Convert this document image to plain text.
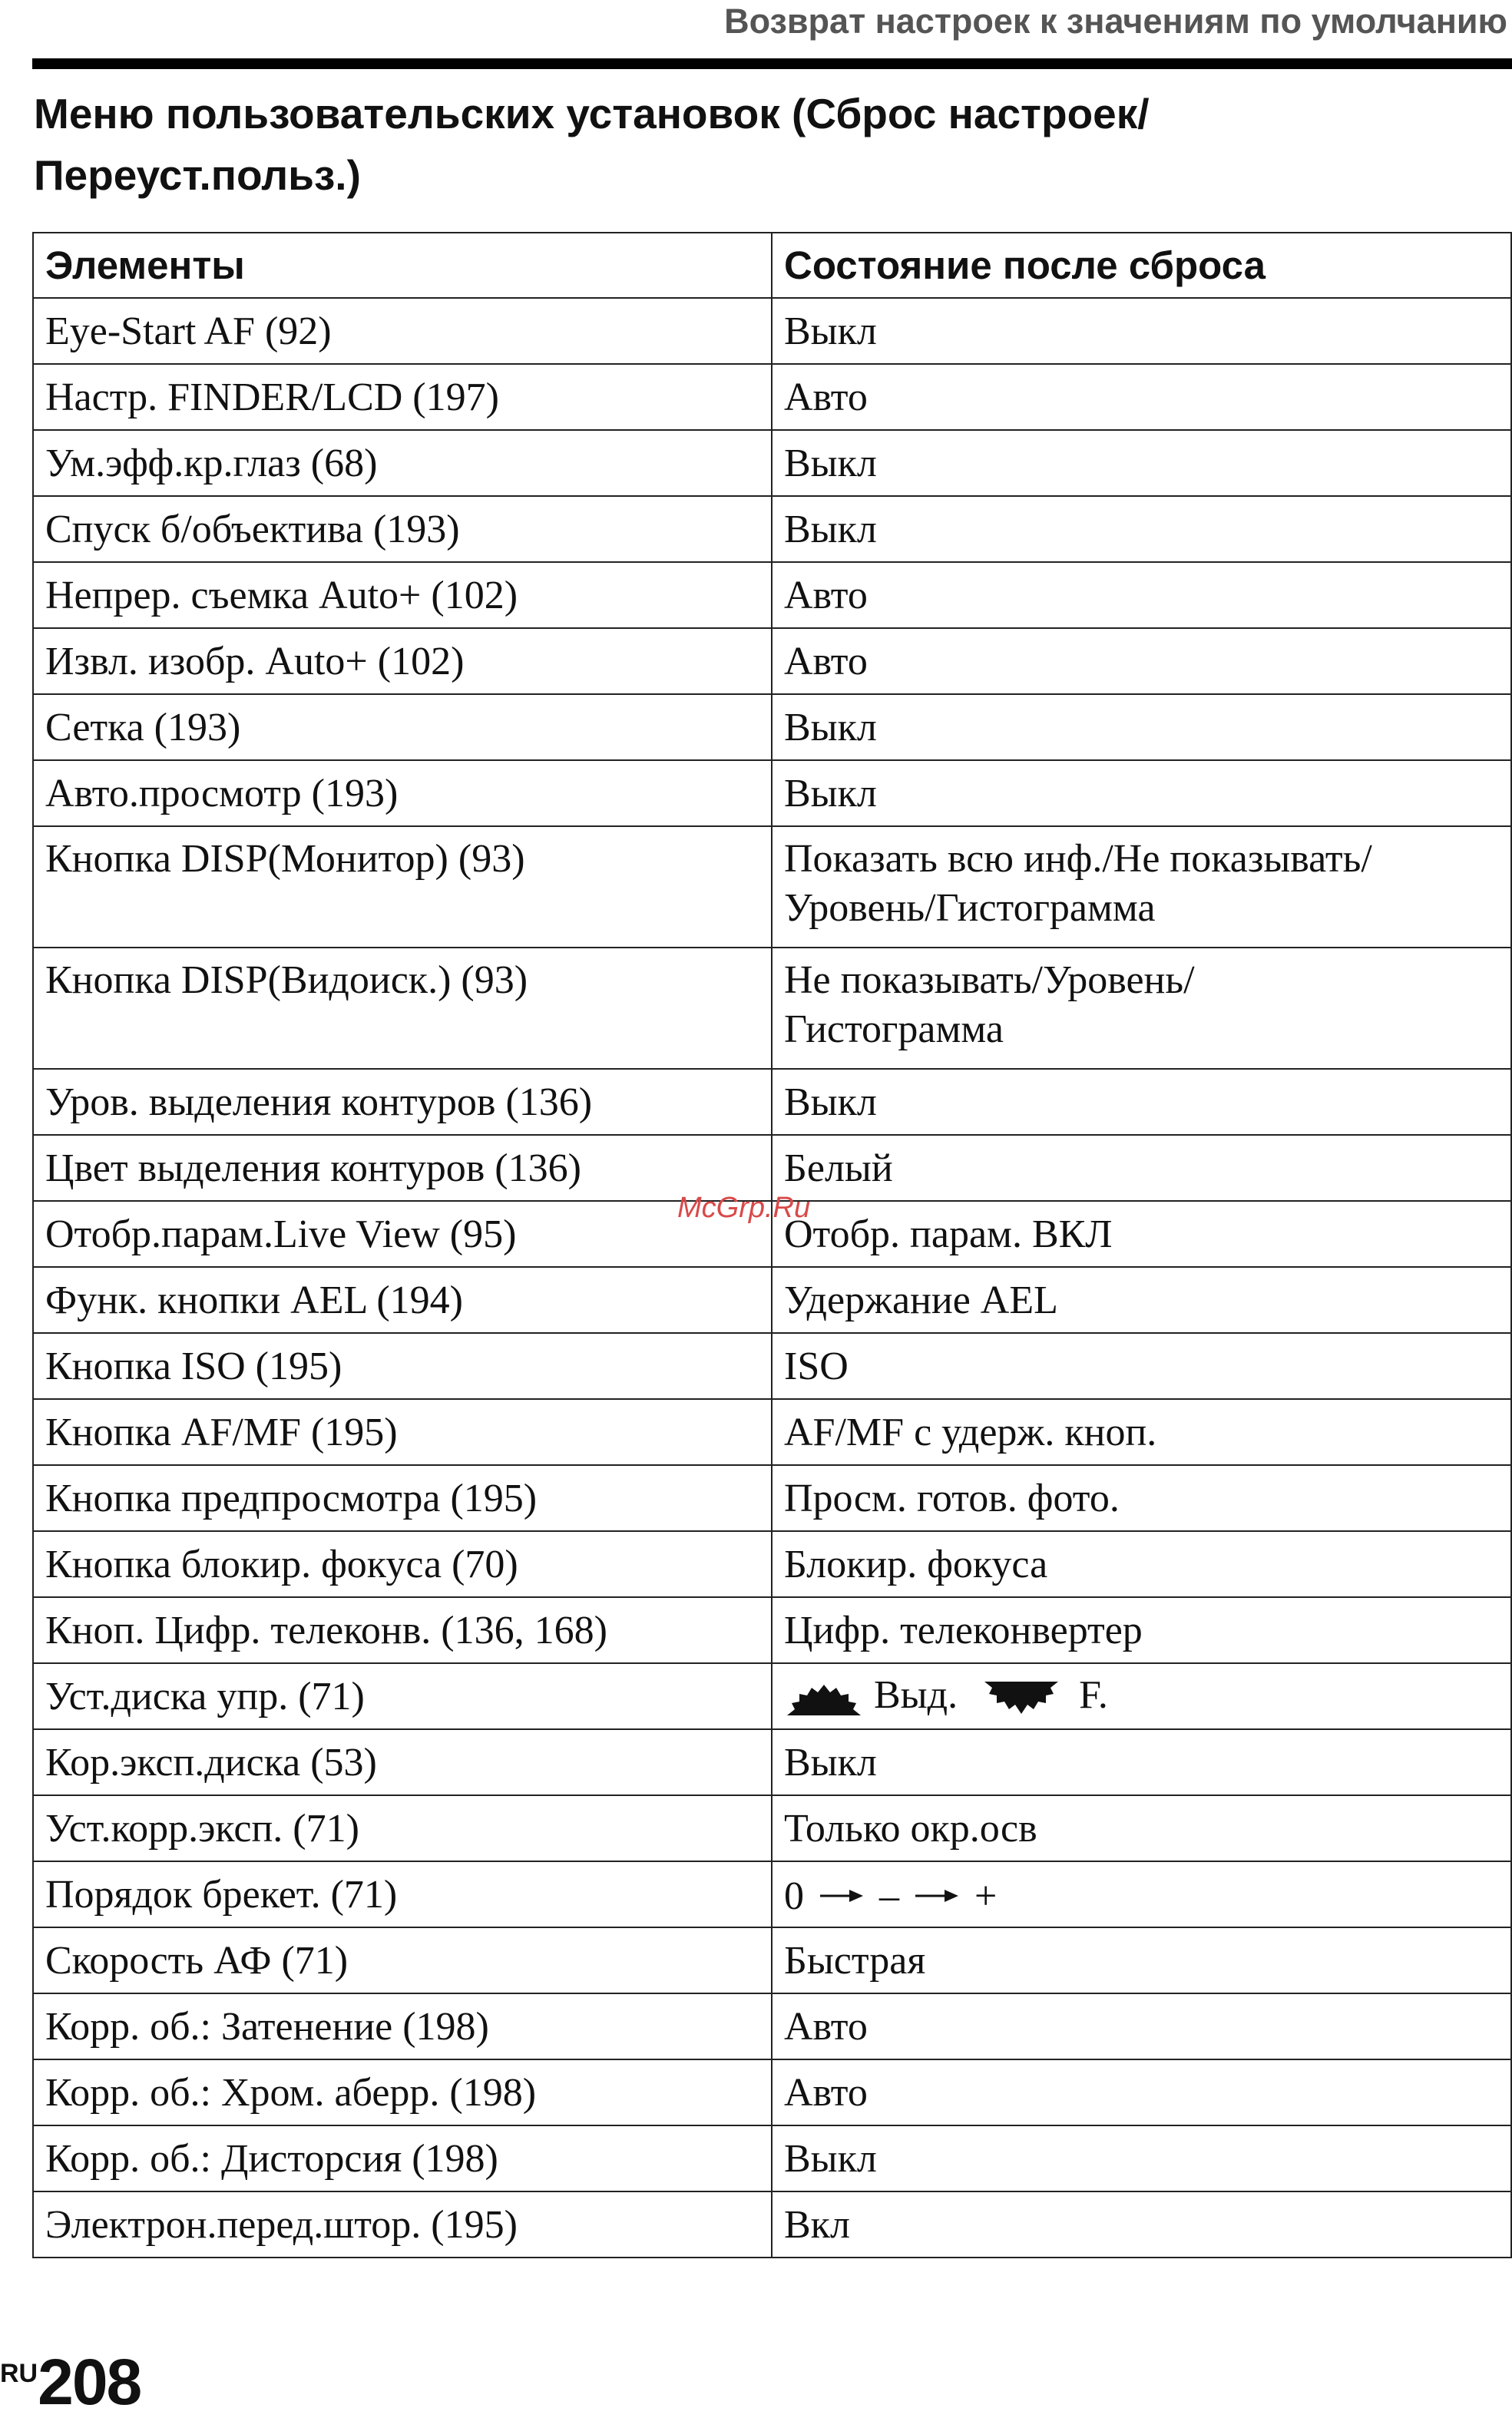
Возврат настроек к значениям по умолчанию
Меню пользовательских установок (Сброс настроек/
Переуст.польз.)
Элементы	Состояние после сброса
Eye-Start AF (92)	Выкл
Настр. FINDER/LCD (197)	Авто
Ум.эфф.кр.глаз (68)	Выкл
Спуск б/объектива (193)	Выкл
Непрер. съемка Auto+ (102)	Авто
Извл. изобр. Auto+ (102)	Авто
Сетка (193)	Выкл
Авто.просмотр (193)	Выкл
Кнопка DISP(Монитор) (93)	Показать всю инф./Не показывать/
Уровень/Гистограмма
Кнопка DISP(Видоиск.) (93)	Не показывать/Уровень/
Гистограмма
Уров. выделения контуров (136)	Выкл
Цвет выделения контуров (136)	Белый
Отобр.парам.Live View (95)	Отобр. парам. ВКЛ
Функ. кнопки AEL (194)	Удержание AEL
Кнопка ISO (195)	ISO
Кнопка AF/MF (195)	AF/MF с удерж. кноп.
Кнопка предпросмотра (195)	Просм. готов. фото.
Кнопка блокир. фокуса (70)	Блокир. фокуса
Кноп. Цифр. телеконв. (136, 168)	Цифр. телеконвертер
Уст.диска упр. (71)	Выд. F.
Кор.эксп.диска (53)	Выкл
Уст.корр.эксп. (71)	Только окр.осв
Порядок брекет. (71)	0 – +
Скорость АФ (71)	Быстрая
Корр. об.: Затенение (198)	Авто
Корр. об.: Хром. аберр. (198)	Авто
Корр. об.: Дисторсия (198)	Выкл
Электрон.перед.штор. (195)	Вкл
McGrp.Ru
RU208
